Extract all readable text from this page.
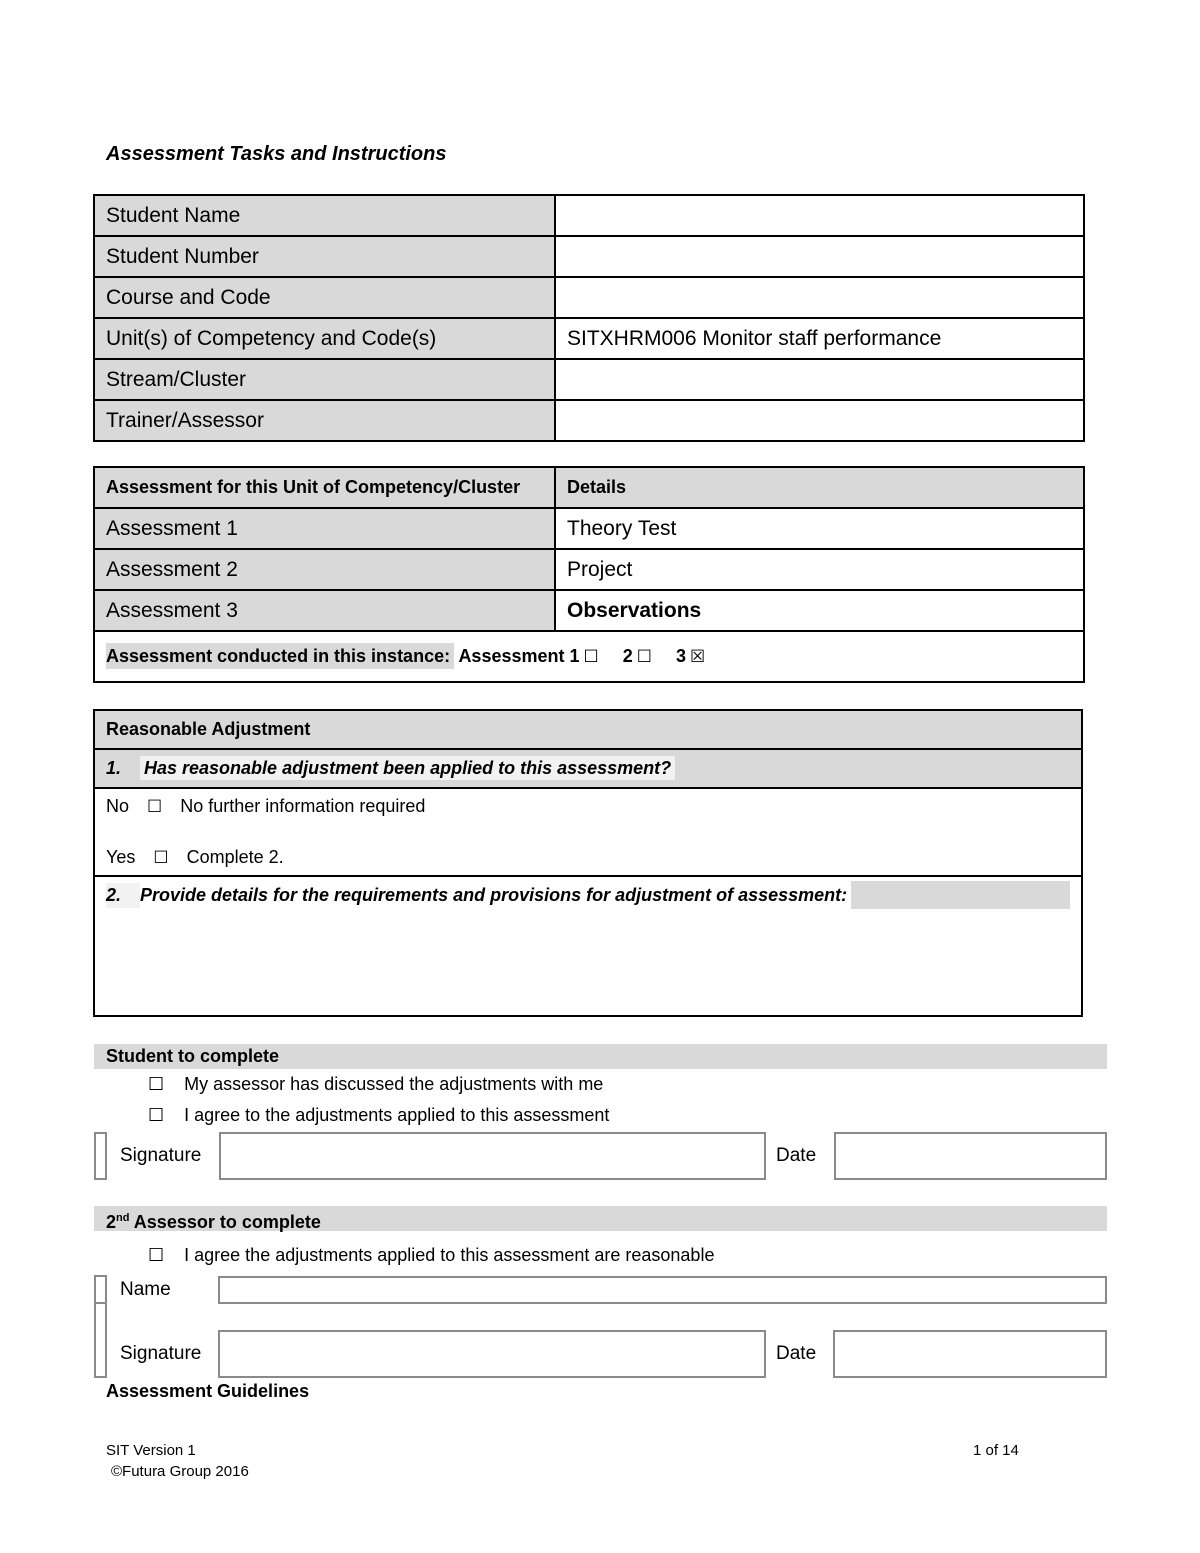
Assessment Tasks and Instructions
Student Name	
Student Number	
Course and Code	
Unit(s) of Competency and Code(s)	SITXHRM006 Monitor staff performance
Stream/Cluster	
Trainer/Assessor	
Assessment for this Unit of Competency/Cluster	Details
Assessment 1	Theory Test
Assessment 2	Project
Assessment 3	Observations
Assessment conducted in this instance: Assessment 1 ☐ 2 ☐ 3 ☒	
Reasonable Adjustment
1. Has reasonable adjustment been applied to this assessment?

No ☐ No further information required
Yes ☐ Complete 2.

2.	Provide details for the requirements and provisions for adjustment of assessment:
Student to complete
☐ My assessor has discussed the adjustments with me
☐ I agree to the adjustments applied to this assessment
Signature	Date
2nd Assessor to complete
☐ I agree the adjustments applied to this assessment are reasonable
Name
Signature	Date
Assessment Guidelines
SIT Version 1
©Futura Group 2016
1 of 14
